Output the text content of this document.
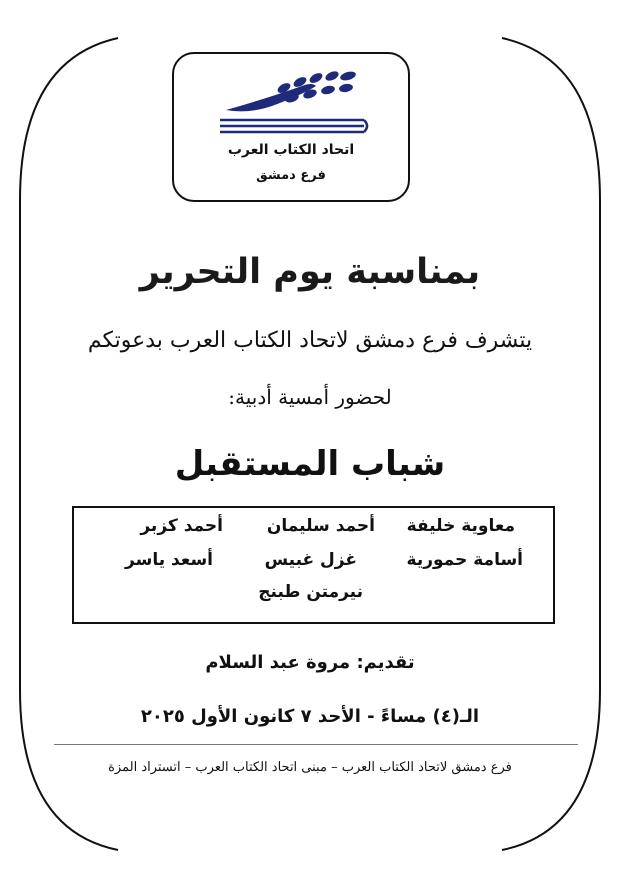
اتحاد الكتاب العرب
فرع دمشق
بمناسبة يوم التحرير
يتشرف فرع دمشق لاتحاد الكتاب العرب بدعوتكم
لحضور أمسية أدبية:
شباب المستقبل
معاوية خليفة
أحمد سليمان
أحمد كزبر
أسامة حمورية
غزل غبيس
أسعد ياسر
نيرمتن طبنج
تقديم: مروة عبد السلام
الـ(٤) مساءً - الأحد ٧ كانون الأول ٢٠٢٥
فرع دمشق لاتحاد الكتاب العرب – مبنى اتحاد الكتاب العرب – اتستراد المزة
